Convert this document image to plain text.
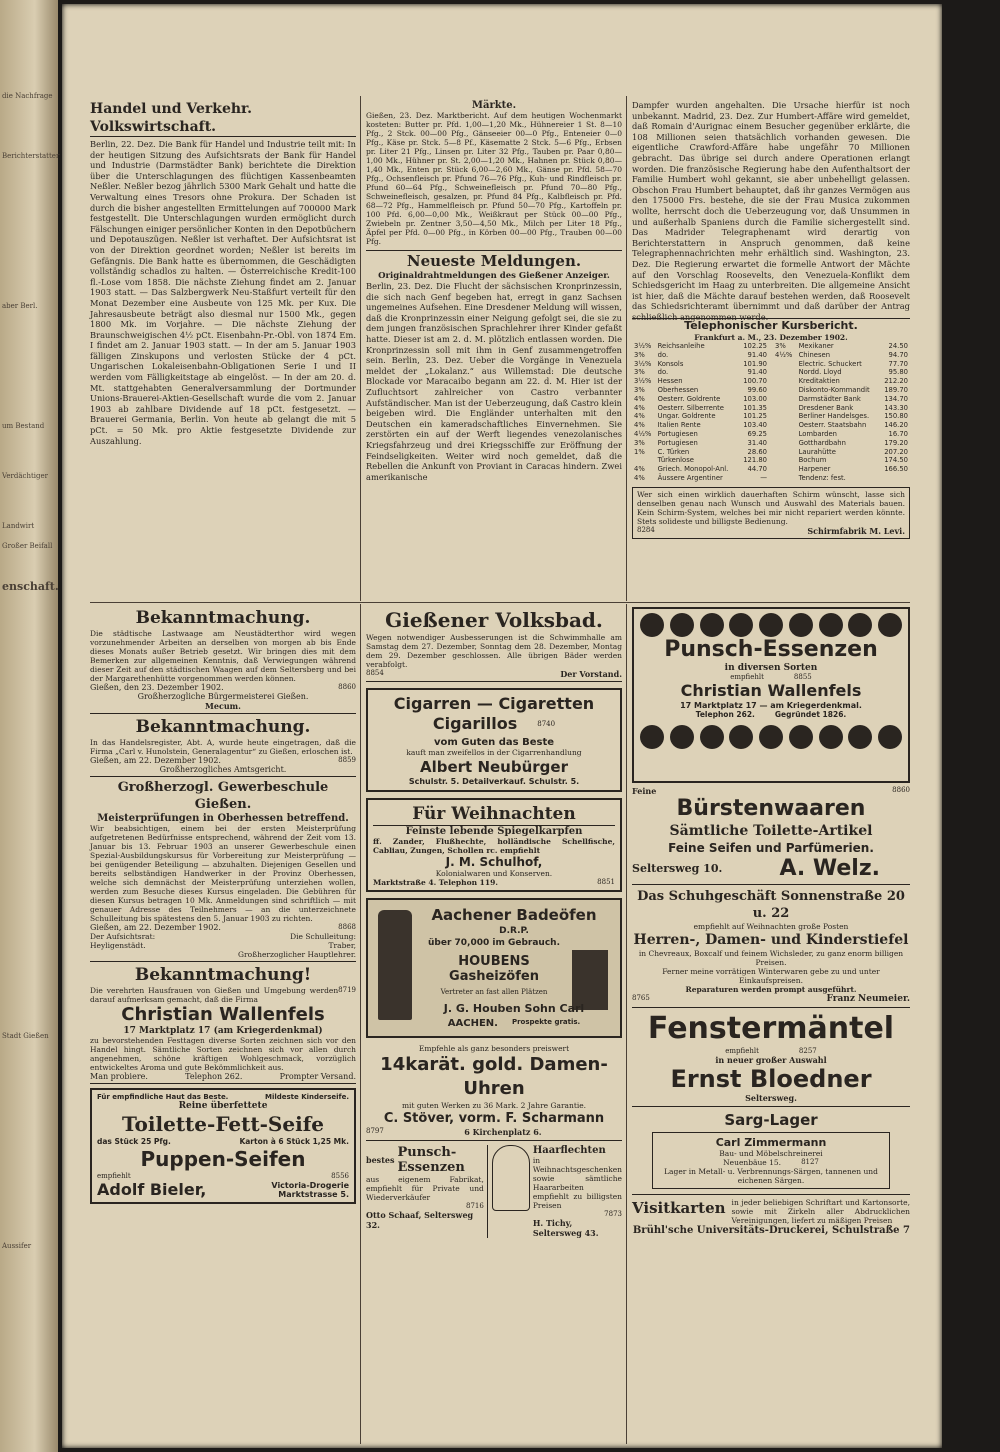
die Nachfrage

Berichterstatter

aber Berl.

um Bestand

Verdächtiger

Großer Beifall

enschaft.

Landwirt

Stadt Gießen

Aussifer

Handel und Verkehr. Volkswirtschaft.
Berlin, 22. Dez. Die Bank für Handel und Industrie teilt mit: In der heutigen Sitzung des Aufsichtsrats der Bank für Handel und Industrie (Darmstädter Bank) berichtete die Direktion über die Unterschlagungen des flüchtigen Kassenbeamten Neßler. Neßler bezog jährlich 5300 Mark Gehalt und hatte die Verwaltung eines Tresors ohne Prokura. Der Schaden ist durch die bisher angestellten Ermittelungen auf 700000 Mark festgestellt. Die Unterschlagungen wurden ermöglicht durch Fälschungen einiger persönlicher Konten in den Depotbüchern und Depotauszügen. Neßler ist verhaftet. Der Aufsichtsrat ist von der Direktion geordnet worden; Neßler ist bereits im Gefängnis. Die Bank hatte es übernommen, die Geschädigten vollständig schadlos zu halten. — Österreichische Kredit-100 fl.-Lose vom 1858. Die nächste Ziehung findet am 2. Januar 1903 statt. — Das Salzbergwerk Neu-Staßfurt verteilt für den Monat Dezember eine Ausbeute von 125 Mk. per Kux. Die Jahresausbeute beträgt also diesmal nur 1500 Mk., gegen 1800 Mk. im Vorjahre. — Die nächste Ziehung der Braunschweigischen 4½ pCt. Eisenbahn-Pr.-Obl. von 1874 Em. I findet am 2. Januar 1903 statt. — In der am 5. Januar 1903 fälligen Zinskupons und verlosten Stücke der 4 pCt. Ungarischen Lokaleisenbahn-Obligationen Serie I und II werden vom Fälligkeitstage ab eingelöst. — In der am 20. d. Mt. stattgehabten Generalversammlung der Dortmunder Unions-Brauerei-Aktien-Gesellschaft wurde die vom 2. Januar 1903 ab zahlbare Dividende auf 18 pCt. festgesetzt. — Brauerei Germania, Berlin. Von heute ab gelangt die mit 5 pCt. = 50 Mk. pro Aktie festgesetzte Dividende zur Auszahlung.
Märkte.
Gießen, 23. Dez. Marktbericht. Auf dem heutigen Wochenmarkt kosteten: Butter pr. Pfd. 1,00—1,20 Mk., Hühnereier 1 St. 8—10 Pfg., 2 Stck. 00—00 Pfg., Gänseeier 00—0 Pfg., Enteneier 0—0 Pfg., Käse pr. Stck. 5—8 Pf., Käsematte 2 Stck. 5—6 Pfg., Erbsen pr. Liter 21 Pfg., Linsen pr. Liter 32 Pfg., Tauben pr. Paar 0,80—1,00 Mk., Hühner pr. St. 2,00—1,20 Mk., Hahnen pr. Stück 0,80—1,40 Mk., Enten pr. Stück 6,00—2,60 Mk., Gänse pr. Pfd. 58—70 Pfg., Ochsenfleisch pr. Pfund 76—76 Pfg., Kuh- und Rindfleisch pr. Pfund 60—64 Pfg., Schweinefleisch pr. Pfund 70—80 Pfg., Schweinefleisch, gesalzen, pr. Pfund 84 Pfg., Kalbfleisch pr. Pfd. 68—72 Pfg., Hammelfleisch pr. Pfund 50—70 Pfg., Kartoffeln pr. 100 Pfd. 6,00—0,00 Mk., Weißkraut per Stück 00—00 Pfg., Zwiebeln pr. Zentner 3,50—4,50 Mk., Milch per Liter 18 Pfg., Äpfel per Pfd. 0—00 Pfg., in Körben 00—00 Pfg., Trauben 00—00 Pfg.
Neueste Meldungen.
Originaldrahtmeldungen des Gießener Anzeiger.
Berlin, 23. Dez. Die Flucht der sächsischen Kronprinzessin, die sich nach Genf begeben hat, erregt in ganz Sachsen ungemeines Aufsehen. Eine Dresdener Meldung will wissen, daß die Kronprinzessin einer Neigung gefolgt sei, die sie zu dem jungen französischen Sprachlehrer ihrer Kinder gefaßt hatte. Dieser ist am 2. d. M. plötzlich entlassen worden. Die Kronprinzessin soll mit ihm in Genf zusammengetroffen sein. Berlin, 23. Dez. Ueber die Vorgänge in Venezuela meldet der „Lokalanz.“ aus Willemstad: Die deutsche Blockade vor Maracaibo begann am 22. d. M. Hier ist der Zufluchtsort zahlreicher von Castro verbannter Aufständischer. Man ist der Ueberzeugung, daß Castro klein beigeben wird. Die Engländer unterhalten mit den Deutschen ein kameradschaftliches Einvernehmen. Sie zerstörten ein auf der Werft liegendes venezolanisches Kriegsfahrzeug und drei Kriegsschiffe zur Eröffnung der Feindseligkeiten. Weiter wird noch gemeldet, daß die Rebellen die Ankunft von Proviant in Caracas hindern. Zwei amerikanische
Dampfer wurden angehalten. Die Ursache hierfür ist noch unbekannt. Madrid, 23. Dez. Zur Humbert-Affäre wird gemeldet, daß Romain d'Aurignac einem Besucher gegenüber erklärte, die 108 Millionen seien thatsächlich vorhanden gewesen. Die eigentliche Crawford-Affäre habe ungefähr 70 Millionen gebracht. Das übrige sei durch andere Operationen erlangt worden. Die französische Regierung habe den Aufenthaltsort der Familie Humbert wohl gekannt, sie aber unbehelligt gelassen. Obschon Frau Humbert behauptet, daß ihr ganzes Vermögen aus den 175000 Frs. bestehe, die sie der Frau Musica zukommen wollte, herrscht doch die Ueberzeugung vor, daß Unsummen in und außerhalb Spaniens durch die Familie sichergestellt sind. Das Madrider Telegraphenamt wird derartig von Berichterstattern in Anspruch genommen, daß keine Telegraphennachrichten mehr erhältlich sind. Washington, 23. Dez. Die Regierung erwartet die formelle Antwort der Mächte auf den Vorschlag Roosevelts, den Venezuela-Konflikt dem Schiedsgericht im Haag zu unterbreiten. Die allgemeine Ansicht ist hier, daß die Mächte darauf bestehen werden, daß Roosevelt das Schiedsrichteramt übernimmt und daß darüber der Antrag schließlich angenommen werde.
Telephonischer Kursbericht.
Frankfurt a. M., 23. Dezember 1902.
3½%	Reichsanleihe	102.25
3%	do.	91.40
3½%	Konsols	101.90
3%	do.	91.40
3½%	Hessen	100.70
3%	Oberhessen	99.60
4%	Oesterr. Goldrente	103.00
4%	Oesterr. Silberrente	101.35
4%	Ungar. Goldrente	101.25
4%	Italien Rente	103.40
4½%	Portugiesen	69.25
3%	Portugiesen	31.40
1%	C. Türken	28.60
	Türkenlose	121.80
4%	Griech. Monopol-Anl.	44.70
4%	Äussere Argentiner	—
3%	Mexikaner	24.50
4½%	Chinesen	94.70
	Electric. Schuckert	77.70
	Nordd. Lloyd	95.80
	Kreditaktien	212.20
	Diskonto-Kommandit	189.70
	Darmstädter Bank	134.70
	Dresdener Bank	143.30
	Berliner Handelsges.	150.80
	Oesterr. Staatsbahn	146.20
	Lombarden	16.70
	Gotthardbahn	179.20
	Laurahütte	207.20
	Bochum	174.50
	Harpener	166.50
	Tendenz: fest.	
Wer sich einen wirklich dauerhaften Schirm wünscht, lasse sich denselben genau nach Wunsch und Auswahl des Materials bauen. Kein Schirm-System, welches bei mir nicht repariert werden könnte. Stets solideste und billigste Bedienung.
8284	Schirmfabrik M. Levi.
Bekanntmachung.
Die städtische Lastwaage am Neustädterthor wird wegen vorzunehmender Arbeiten an derselben von morgen ab bis Ende dieses Monats außer Betrieb gesetzt. Wir bringen dies mit dem Bemerken zur allgemeinen Kenntnis, daß Verwiegungen während dieser Zeit auf den städtischen Waagen auf dem Seltersberg und bei der Margarethenhütte vorgenommen werden können.
Gießen, den 23. Dezember 1902.	8860
Großherzogliche Bürgermeisterei Gießen.
Mecum.
Bekanntmachung.
In das Handelsregister, Abt. A, wurde heute eingetragen, daß die Firma „Carl v. Hunolstein, Generalagentur“ zu Gießen, erloschen ist.
Gießen, am 22. Dezember 1902.	8859
Großherzogliches Amtsgericht.
Großherzogl. Gewerbeschule Gießen.
Meisterprüfungen in Oberhessen betreffend.
Wir beabsichtigen, einem bei der ersten Meisterprüfung aufgetretenen Bedürfnisse entsprechend, während der Zeit vom 13. Januar bis 13. Februar 1903 an unserer Gewerbeschule einen Spezial-Ausbildungskursus für Vorbereitung zur Meisterprüfung — bei genügender Beteiligung — abzuhalten. Diejenigen Gesellen und bereits selbständigen Handwerker in der Provinz Oberhessen, welche sich demnächst der Meisterprüfung unterziehen wollen, werden zum Besuche dieses Kursus eingeladen. Die Gebühren für diesen Kursus betragen 10 Mk. Anmeldungen sind schriftlich — mit genauer Adresse des Teilnehmers — an die unterzeichnete Schulleitung bis spätestens den 5. Januar 1903 zu richten.
Gießen, am 22. Dezember 1902.	8868
Der Aufsichtsrat:
Heyligenstädt.
Die Schulleitung:
Traber,
Großherzoglicher Hauptlehrer.
Bekanntmachung!
Die verehrten Hausfrauen von Gießen und Umgebung werden darauf aufmerksam gemacht, daß die Firma
8719
Christian Wallenfels
17 Marktplatz 17 (am Kriegerdenkmal)
zu bevorstehenden Festtagen diverse Sorten zeichnen sich vor den Handel hingt. Sämtliche Sorten zeichnen sich vor allen durch angenehmen, schöne kräftigen Wohlgeschmack, vorzüglich entwickeltes Aroma und gute Bekömmlichkeit aus.
Man probiere.	Telephon 262.	Prompter Versand.
Für empfindliche Haut das Beste.	Mildeste Kinderseife.
Reine überfettete
Toilette-Fett-Seife
das Stück 25 Pfg.	Karton à 6 Stück 1,25 Mk.
Puppen-Seifen
empfiehlt	8556
Adolf Bieler,	Victoria-Drogerie
Marktstrasse 5.
Gießener Volksbad.
Wegen notwendiger Ausbesserungen ist die Schwimmhalle am Samstag dem 27. Dezember, Sonntag dem 28. Dezember, Montag dem 29. Dezember geschlossen. Alle übrigen Bäder werden verabfolgt.
8854	Der Vorstand.
Cigarren — Cigaretten
Cigarillos	8740
vom Guten das Beste
kauft man zweifellos in der Cigarrenhandlung
Albert Neubürger
Schulstr. 5. Detailverkauf. Schulstr. 5.
Für Weihnachten
Feinste lebende Spiegelkarpfen
ff. Zander, Flußhechte, holländische Schellfische, Cabliau, Zungen, Schollen rc. empfiehlt
J. M. Schulhof,
Kolonialwaren und Konserven.
Marktstraße 4. Telephon 119.	8851
Aachener Badeöfen
D.R.P.
über 70,000 im Gebrauch.
HOUBENS Gasheizöfen
Vertreter an fast allen Plätzen
J. G. Houben Sohn Carl
AACHEN. Prospekte gratis.
Empfehle als ganz besonders preiswert
14karät. gold. Damen-Uhren
mit guten Werken zu 36 Mark. 2 Jahre Garantie.
C. Stöver, vorm. F. Scharmann
8797	6 Kirchenplatz 6.
bestes Punsch-Essenzen
aus eigenem Fabrikat, empfiehlt für Private und Wiederverkäufer
8716
Otto Schaaf, Seltersweg 32.
Haarflechten
in Weihnachtsgeschenken sowie sämtliche Haararbeiten empfiehlt zu billigsten Preisen
7873
H. Tichy, Seltersweg 43.
Punsch-Essenzen
in diversen Sorten
empfiehlt	8855
Christian Wallenfels
17 Marktplatz 17 — am Kriegerdenkmal.
Telephon 262.	Gegründet 1826.
Feine	8860
Bürstenwaaren
Sämtliche Toilette-Artikel
Feine Seifen und Parfümerien.
Seltersweg 10.	A. Welz.
Das Schuhgeschäft Sonnenstraße 20 u. 22
empfiehlt auf Weihnachten große Posten
Herren-, Damen- und Kinderstiefel
in Chevreaux, Boxcalf und feinem Wichsleder, zu ganz enorm billigen Preisen.
Ferner meine vorrätigen Winterwaren gebe zu und unter Einkaufspreisen.
Reparaturen werden prompt ausgeführt.
8765	Franz Neumeier.
Fenstermäntel
empfiehlt	8257
in neuer großer Auswahl
Ernst Bloedner
Seltersweg.
Sarg-Lager
Carl Zimmermann
Bau- und Möbelschreinerei
Neuenbäue 15.	8127
Lager in Metall- u. Verbrennungs-Särgen, tannenen und eichenen Särgen.
Visitkarten in jeder beliebigen Schriftart und Kartonsorte, sowie mit Zirkeln aller Abdrucklichen Vereinigungen, liefert zu mäßigen Preisen
Brühl'sche Universitäts-Druckerei, Schulstraße 7
